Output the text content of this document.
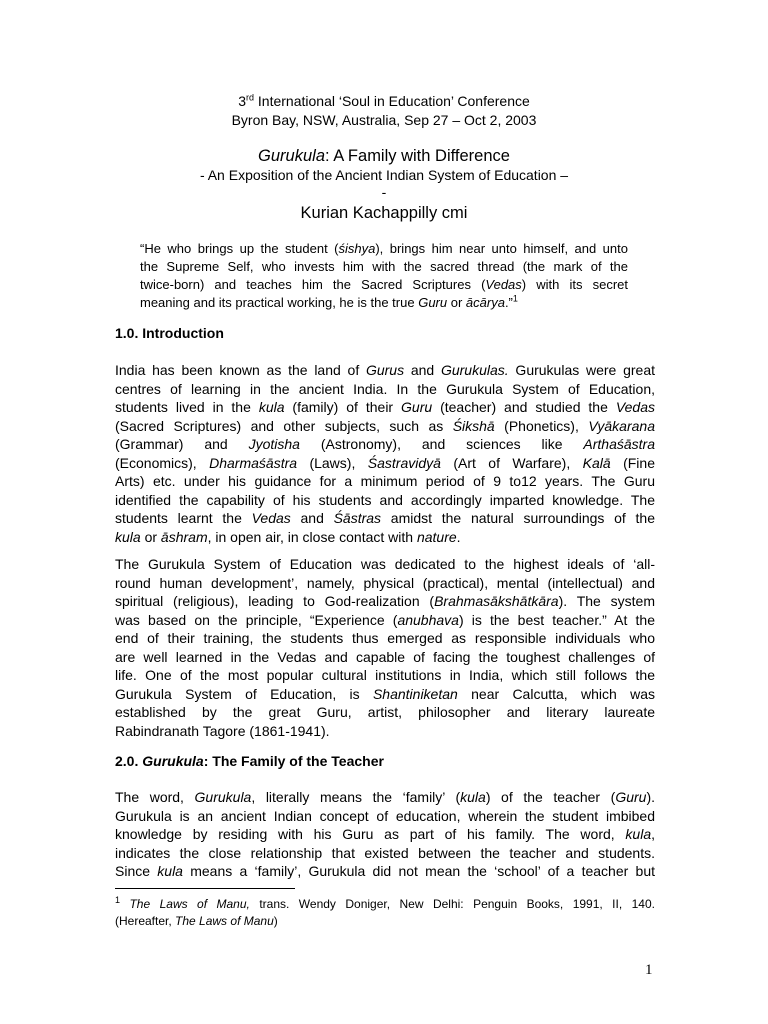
3rd International ‘Soul in Education’ Conference
Byron Bay, NSW, Australia, Sep 27 – Oct 2, 2003
Gurukula: A Family with Difference
- An Exposition of the Ancient Indian System of Education –
-
Kurian Kachappilly cmi
“He who brings up the student (śishya), brings him near unto himself, and unto
the Supreme Self, who invests him with the sacred thread (the mark of the
twice-born) and teaches him the Sacred Scriptures (Vedas) with its secret
meaning and its practical working, he is the true Guru or ācārya.”$^1$
1.0. Introduction
India has been known as the land of Gurus and Gurukulas. Gurukulas were great
centres of learning in the ancient India. In the Gurukula System of Education,
students lived in the kula (family) of their Guru (teacher) and studied the Vedas
(Sacred Scriptures) and other subjects, such as Śikshā (Phonetics), Vyākarana
(Grammar) and Jyotisha (Astronomy), and sciences like Arthaśāstra
(Economics), Dharmaśāstra (Laws), Śastravidyā (Art of Warfare), Kalā (Fine
Arts) etc. under his guidance for a minimum period of 9 to12 years. The Guru
identified the capability of his students and accordingly imparted knowledge. The
students learnt the Vedas and Śāstras amidst the natural surroundings of the
kula or āshram, in open air, in close contact with nature.
The Gurukula System of Education was dedicated to the highest ideals of ‘all-
round human development’, namely, physical (practical), mental (intellectual) and
spiritual (religious), leading to God-realization (Brahmasākshātkāra). The system
was based on the principle, “Experience (anubhava) is the best teacher.” At the
end of their training, the students thus emerged as responsible individuals who
are well learned in the Vedas and capable of facing the toughest challenges of
life. One of the most popular cultural institutions in India, which still follows the
Gurukula System of Education, is Shantiniketan near Calcutta, which was
established by the great Guru, artist, philosopher and literary laureate
Rabindranath Tagore (1861-1941).
2.0. Gurukula: The Family of the Teacher
The word, Gurukula, literally means the ‘family’ (kula) of the teacher (Guru).
Gurukula is an ancient Indian concept of education, wherein the student imbibed
knowledge by residing with his Guru as part of his family. The word, kula,
indicates the close relationship that existed between the teacher and students.
Since kula means a ‘family’, Gurukula did not mean the ‘school’ of a teacher but
$^1$ The Laws of Manu, trans. Wendy Doniger, New Delhi: Penguin Books, 1991, II, 140.
(Hereafter, The Laws of Manu)
1
